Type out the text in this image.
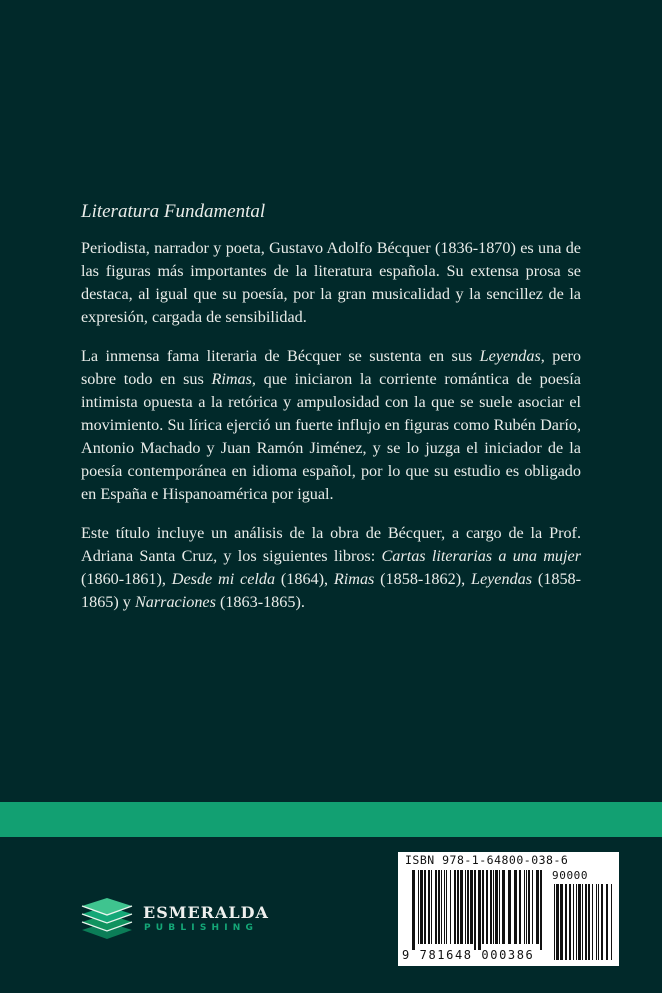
Literatura Fundamental

Periodista, narrador y poeta, Gustavo Adolfo Bécquer (1836-1870) es una de las figuras más importantes de la literatura española. Su extensa prosa se destaca, al igual que su poesía, por la gran musicalidad y la sencillez de la expresión, cargada de sensibilidad.

La inmensa fama literaria de Bécquer se sustenta en sus Leyendas, pero sobre todo en sus Rimas, que iniciaron la corriente romántica de poesía intimista opuesta a la retórica y ampulosidad con la que se suele asociar el movimiento. Su lírica ejerció un fuerte influjo en figuras como Rubén Darío, Antonio Machado y Juan Ramón Jiménez, y se lo juzga el iniciador de la poesía contemporánea en idioma español, por lo que su estudio es obligado en España e Hispanoamérica por igual.

Este título incluye un análisis de la obra de Bécquer, a cargo de la Prof. Adriana Santa Cruz, y los siguientes libros: Cartas literarias a una mujer (1860-1861), Desde mi celda (1864), Rimas (1858-1862), Leyendas (1858-1865) y Narraciones (1863-1865).

ESMERALDA
PUBLISHING
ISBN 978-1-64800-038-6
90000
9 781648 000386
